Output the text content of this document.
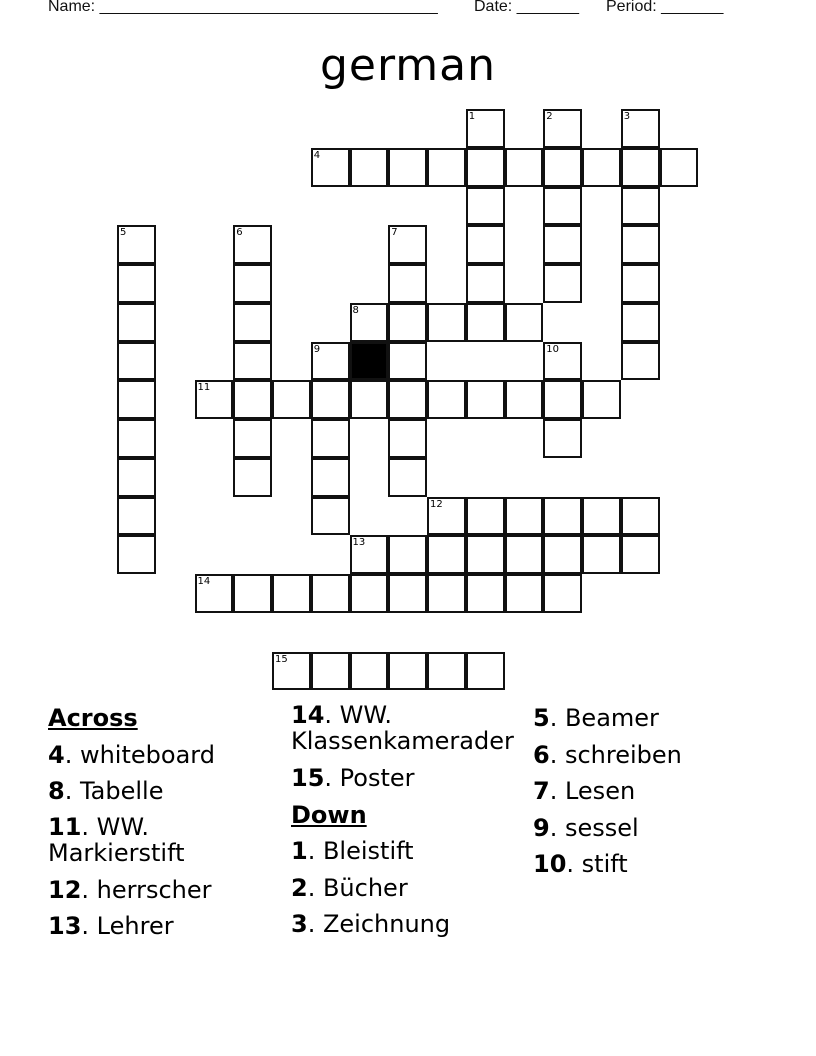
Name: ______________________________________ Date: _______ Period: _______
german
1	2	3
4
5	6	7
8
9	10
11
12
13
14
15
Across
4. whiteboard
8. Tabelle
11. WW.
Markierstift
12. herrscher
13. Lehrer
14. WW.
Klassenkamerader
15. Poster
Down
1. Bleistift
2. Bücher
3. Zeichnung
5. Beamer
6. schreiben
7. Lesen
9. sessel
10. stift
